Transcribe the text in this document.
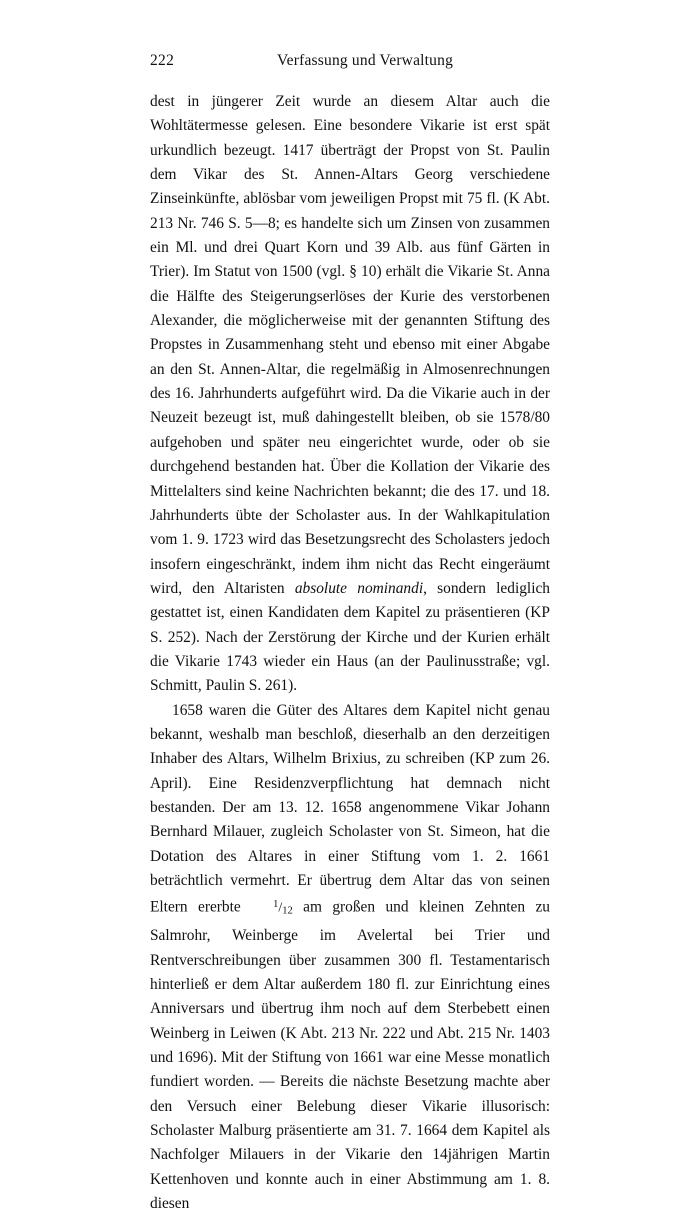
222	Verfassung und Verwaltung

dest in jüngerer Zeit wurde an diesem Altar auch die Wohltätermesse gelesen. Eine besondere Vikarie ist erst spät urkundlich bezeugt. 1417 überträgt der Propst von St. Paulin dem Vikar des St. Annen-Altars Georg verschiedene Zinseinkünfte, ablösbar vom jeweiligen Propst mit 75 fl. (K Abt. 213 Nr. 746 S. 5—8; es handelte sich um Zinsen von zusammen ein Ml. und drei Quart Korn und 39 Alb. aus fünf Gärten in Trier). Im Statut von 1500 (vgl. § 10) erhält die Vikarie St. Anna die Hälfte des Steigerungserlöses der Kurie des verstorbenen Alexander, die möglicherweise mit der genannten Stiftung des Propstes in Zusammenhang steht und ebenso mit einer Abgabe an den St. Annen-Altar, die regelmäßig in Almosenrechnungen des 16. Jahrhunderts aufgeführt wird. Da die Vikarie auch in der Neuzeit bezeugt ist, muß dahingestellt bleiben, ob sie 1578/80 aufgehoben und später neu eingerichtet wurde, oder ob sie durchgehend bestanden hat. Über die Kollation der Vikarie des Mittelalters sind keine Nachrichten bekannt; die des 17. und 18. Jahrhunderts übte der Scholaster aus. In der Wahlkapitulation vom 1. 9. 1723 wird das Besetzungsrecht des Scholasters jedoch insofern eingeschränkt, indem ihm nicht das Recht eingeräumt wird, den Altaristen absolute nominandi, sondern lediglich gestattet ist, einen Kandidaten dem Kapitel zu präsentieren (KP S. 252). Nach der Zerstörung der Kirche und der Kurien erhält die Vikarie 1743 wieder ein Haus (an der Paulinusstraße; vgl. Schmitt, Paulin S. 261).

1658 waren die Güter des Altares dem Kapitel nicht genau bekannt, weshalb man beschloß, dieserhalb an den derzeitigen Inhaber des Altars, Wilhelm Brixius, zu schreiben (KP zum 26. April). Eine Residenzverpflichtung hat demnach nicht bestanden. Der am 13. 12. 1658 angenommene Vikar Johann Bernhard Milauer, zugleich Scholaster von St. Simeon, hat die Dotation des Altares in einer Stiftung vom 1. 2. 1661 beträchtlich vermehrt. Er übertrug dem Altar das von seinen Eltern ererbte $^1/_{12}$ am großen und kleinen Zehnten zu Salmrohr, Weinberge im Avelertal bei Trier und Rentverschreibungen über zusammen 300 fl. Testamentarisch hinterließ er dem Altar außerdem 180 fl. zur Einrichtung eines Anniversars und übertrug ihm noch auf dem Sterbebett einen Weinberg in Leiwen (K Abt. 213 Nr. 222 und Abt. 215 Nr. 1403 und 1696). Mit der Stiftung von 1661 war eine Messe monatlich fundiert worden. — Bereits die nächste Besetzung machte aber den Versuch einer Belebung dieser Vikarie illusorisch: Scholaster Malburg präsentierte am 31. 7. 1664 dem Kapitel als Nachfolger Milauers in der Vikarie den 14jährigen Martin Kettenhoven und konnte auch in einer Abstimmung am 1. 8. diesen
